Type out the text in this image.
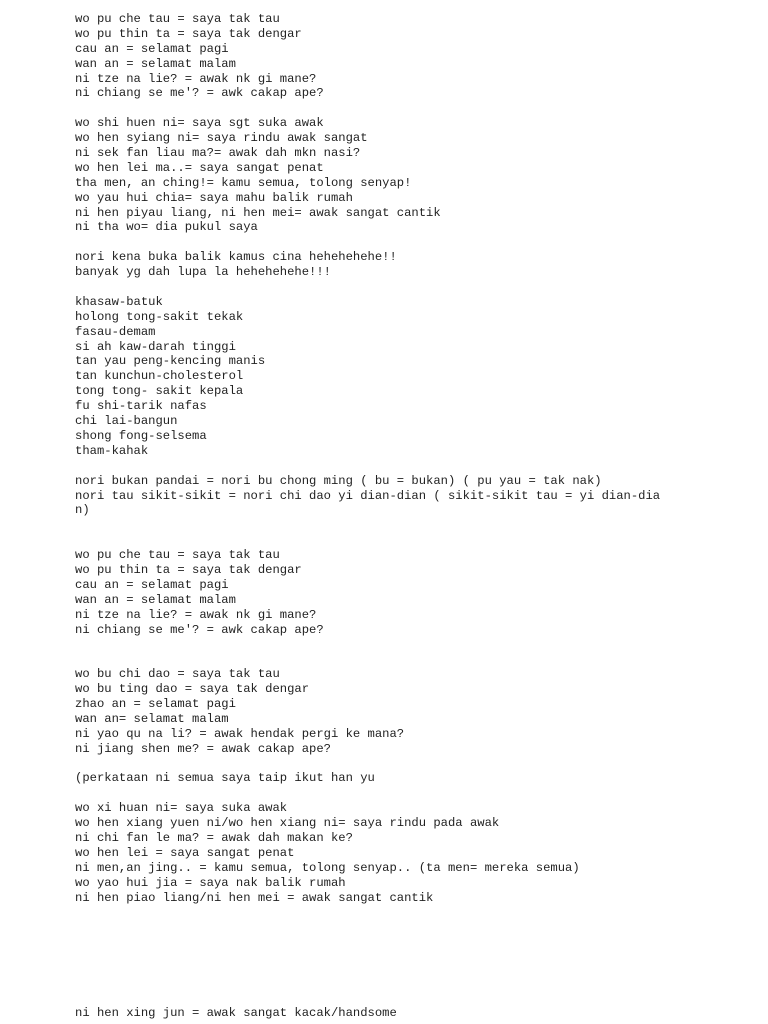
wo pu che tau = saya tak tau
wo pu thin ta = saya tak dengar
cau an = selamat pagi
wan an = selamat malam
ni tze na lie? = awak nk gi mane?
ni chiang se me'? = awk cakap ape?
wo shi huen ni= saya sgt suka awak
wo hen syiang ni= saya rindu awak sangat
ni sek fan liau ma?= awak dah mkn nasi?
wo hen lei ma..= saya sangat penat
tha men, an ching!= kamu semua, tolong senyap!
wo yau hui chia= saya mahu balik rumah
ni hen piyau liang, ni hen mei= awak sangat cantik
ni tha wo= dia pukul saya
nori kena buka balik kamus cina hehehehehe!!
banyak yg dah lupa la hehehehehe!!!
khasaw-batuk
holong tong-sakit tekak
fasau-demam
si ah kaw-darah tinggi
tan yau peng-kencing manis
tan kunchun-cholesterol
tong tong- sakit kepala
fu shi-tarik nafas
chi lai-bangun
shong fong-selsema
tham-kahak
nori bukan pandai = nori bu chong ming ( bu = bukan) ( pu yau = tak nak)
nori tau sikit-sikit = nori chi dao yi dian-dian ( sikit-sikit tau = yi dian-dia
n)
wo pu che tau = saya tak tau
wo pu thin ta = saya tak dengar
cau an = selamat pagi
wan an = selamat malam
ni tze na lie? = awak nk gi mane?
ni chiang se me'? = awk cakap ape?
wo bu chi dao = saya tak tau
wo bu ting dao = saya tak dengar
zhao an = selamat pagi
wan an= selamat malam
ni yao qu na li? = awak hendak pergi ke mana?
ni jiang shen me? = awak cakap ape?
(perkataan ni semua saya taip ikut han yu
wo xi huan ni= saya suka awak
wo hen xiang yuen ni/wo hen xiang ni= saya rindu pada awak
ni chi fan le ma? = awak dah makan ke?
wo hen lei = saya sangat penat
ni men,an jing.. = kamu semua, tolong senyap.. (ta men= mereka semua)
wo yao hui jia = saya nak balik rumah
ni hen piao liang/ni hen mei = awak sangat cantik
ni hen xing jun = awak sangat kacak/handsome
